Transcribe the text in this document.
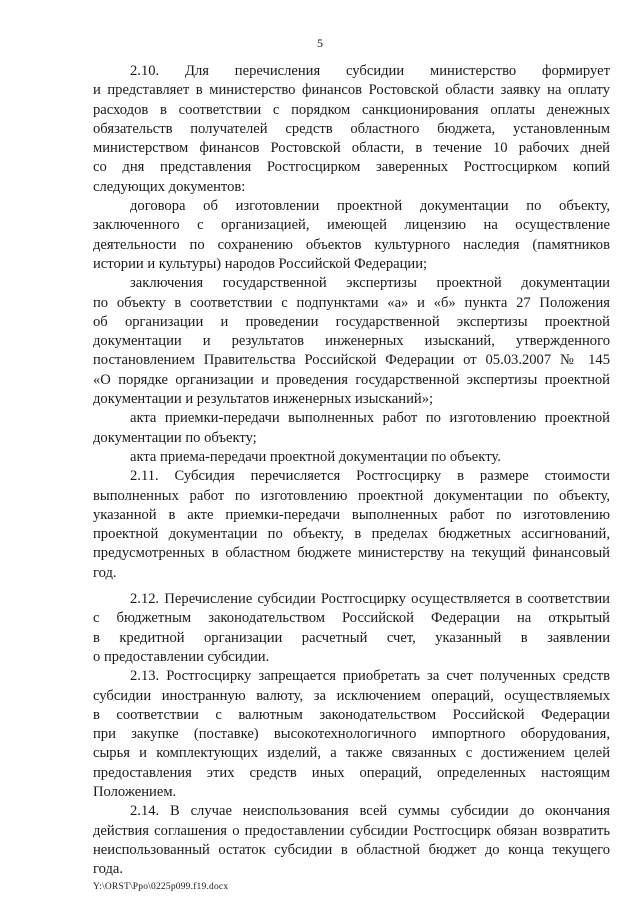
5
2.10. Для перечисления субсидии министерство формирует
и представляет в министерство финансов Ростовской области заявку на оплату
расходов в соответствии с порядком санкционирования оплаты денежных
обязательств получателей средств областного бюджета, установленным
министерством финансов Ростовской области, в течение 10 рабочих дней
со дня представления Ростгосцирком заверенных Ростгосцирком копий
следующих документов:
договора об изготовлении проектной документации по объекту,
заключенного с организацией, имеющей лицензию на осуществление
деятельности по сохранению объектов культурного наследия (памятников
истории и культуры) народов Российской Федерации;
заключения государственной экспертизы проектной документации
по объекту в соответствии с подпунктами «а» и «б» пункта 27 Положения
об организации и проведении государственной экспертизы проектной
документации и результатов инженерных изысканий, утвержденного
постановлением Правительства Российской Федерации от 05.03.2007 № 145
«О порядке организации и проведения государственной экспертизы проектной
документации и результатов инженерных изысканий»;
акта приемки-передачи выполненных работ по изготовлению проектной
документации по объекту;
акта приема-передачи проектной документации по объекту.
2.11. Субсидия перечисляется Ростгосцирку в размере стоимости
выполненных работ по изготовлению проектной документации по объекту,
указанной в акте приемки-передачи выполненных работ по изготовлению
проектной документации по объекту, в пределах бюджетных ассигнований,
предусмотренных в областном бюджете министерству на текущий финансовый
год.
2.12. Перечисление субсидии Ростгосцирку осуществляется в соответствии
с бюджетным законодательством Российской Федерации на открытый
в кредитной организации расчетный счет, указанный в заявлении
о предоставлении субсидии.
2.13. Ростгосцирку запрещается приобретать за счет полученных средств
субсидии иностранную валюту, за исключением операций, осуществляемых
в соответствии с валютным законодательством Российской Федерации
при закупке (поставке) высокотехнологичного импортного оборудования,
сырья и комплектующих изделий, а также связанных с достижением целей
предоставления этих средств иных операций, определенных настоящим
Положением.
2.14. В случае неиспользования всей суммы субсидии до окончания
действия соглашения о предоставлении субсидии Ростгосцирк обязан возвратить
неиспользованный остаток субсидии в областной бюджет до конца текущего
года.
Y:\ORST\Ppo\0225p099.f19.docx
